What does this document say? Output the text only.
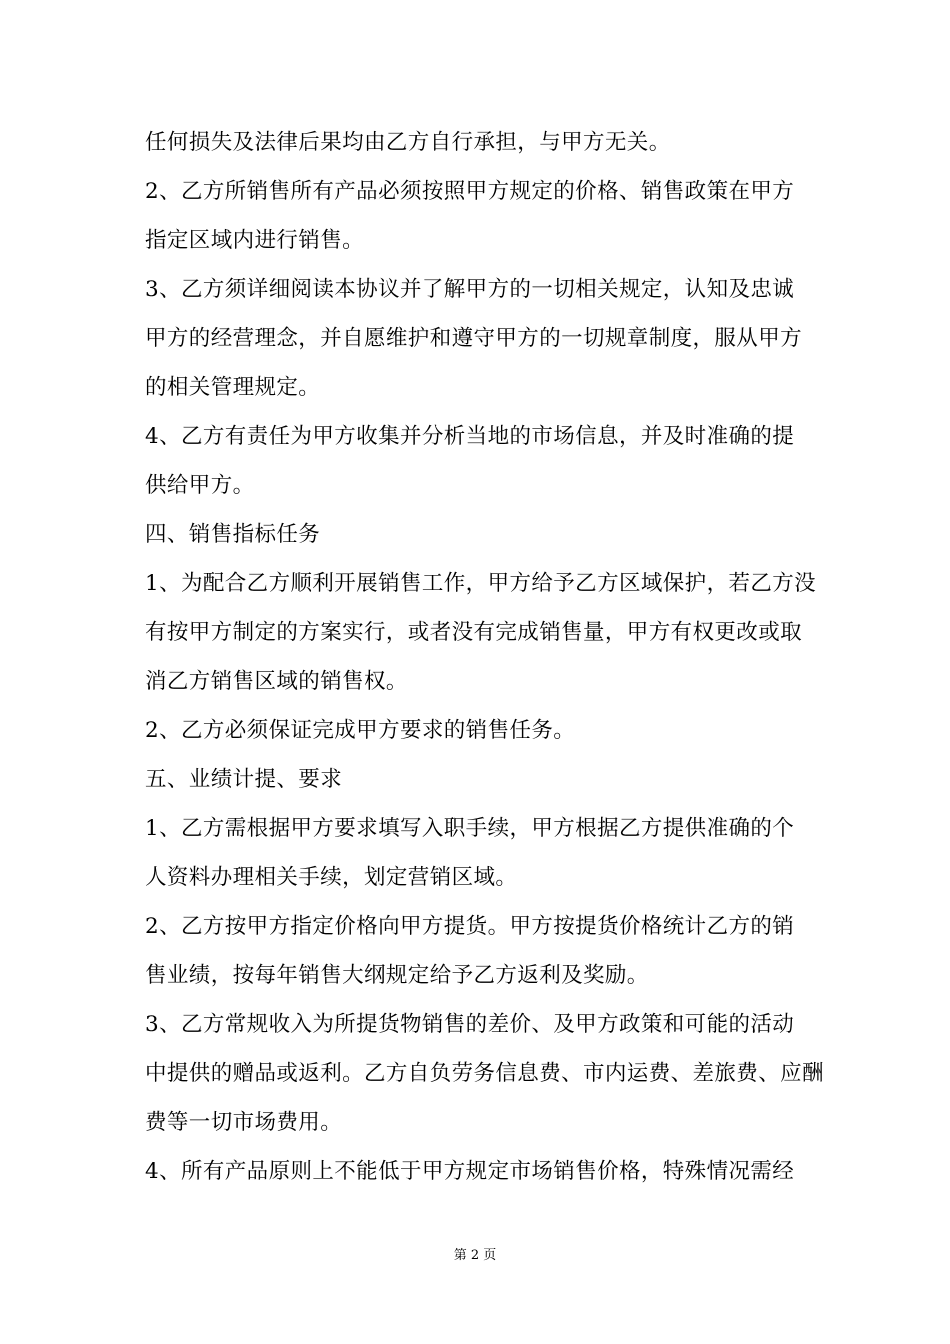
任何损失及法律后果均由乙方自行承担，与甲方无关。
2、乙方所销售所有产品必须按照甲方规定的价格、销售政策在甲方
指定区域内进行销售。
3、乙方须详细阅读本协议并了解甲方的一切相关规定，认知及忠诚
甲方的经营理念，并自愿维护和遵守甲方的一切规章制度，服从甲方
的相关管理规定。
4、乙方有责任为甲方收集并分析当地的市场信息，并及时准确的提
供给甲方。
四、销售指标任务
1、为配合乙方顺利开展销售工作，甲方给予乙方区域保护，若乙方没
有按甲方制定的方案实行，或者没有完成销售量，甲方有权更改或取
消乙方销售区域的销售权。
2、乙方必须保证完成甲方要求的销售任务。
五、业绩计提、要求
1、乙方需根据甲方要求填写入职手续，甲方根据乙方提供准确的个
人资料办理相关手续，划定营销区域。
2、乙方按甲方指定价格向甲方提货。甲方按提货价格统计乙方的销
售业绩，按每年销售大纲规定给予乙方返利及奖励。
3、乙方常规收入为所提货物销售的差价、及甲方政策和可能的活动
中提供的赠品或返利。乙方自负劳务信息费、市内运费、差旅费、应酬
费等一切市场费用。
4、所有产品原则上不能低于甲方规定市场销售价格，特殊情况需经
第 2 页
